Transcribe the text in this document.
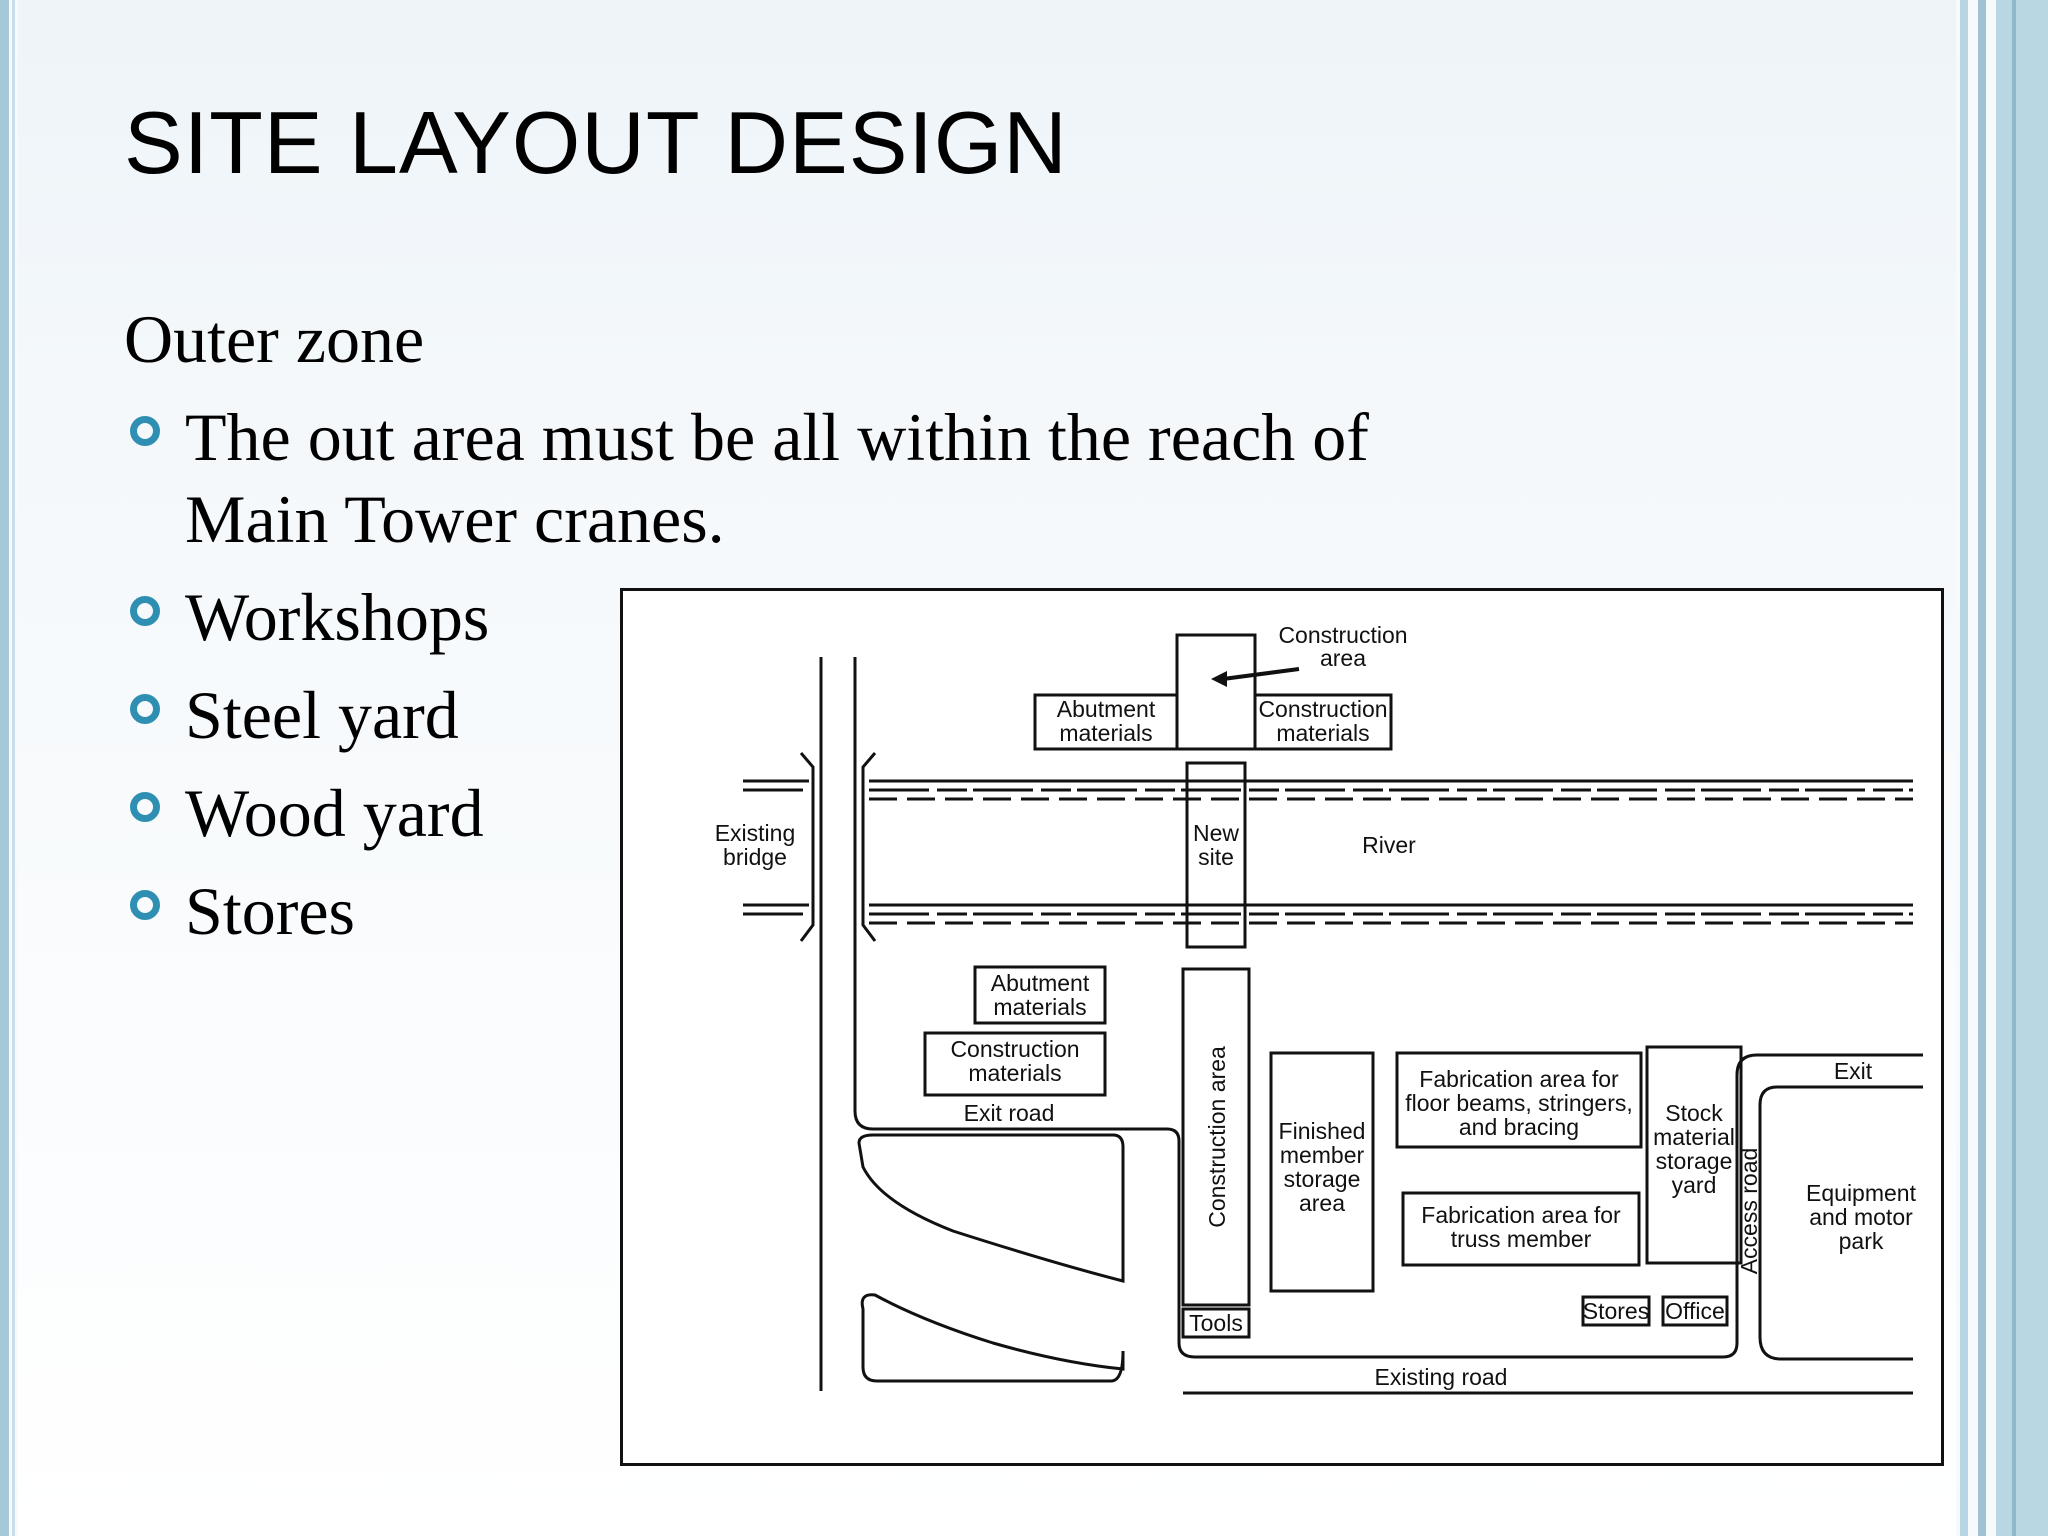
SITE LAYOUT DESIGN
Outer zone
The out area must be all within the reach of
Main Tower cranes.
Workshops
Steel yard
Wood yard
Stores
Construction
area
Abutment
materials
Construction
materials
Existing
bridge
New
site	River
Abutment
materials
Construction
materials
Exit road	Construction area
Tools
Finished
member
storage
area
Fabrication area for
floor beams, stringers,
and bracing
Fabrication area for
truss member
Stock
material
storage
yard Access road
Exit
Equipment
and motor
park
Stores Office
Existing road
